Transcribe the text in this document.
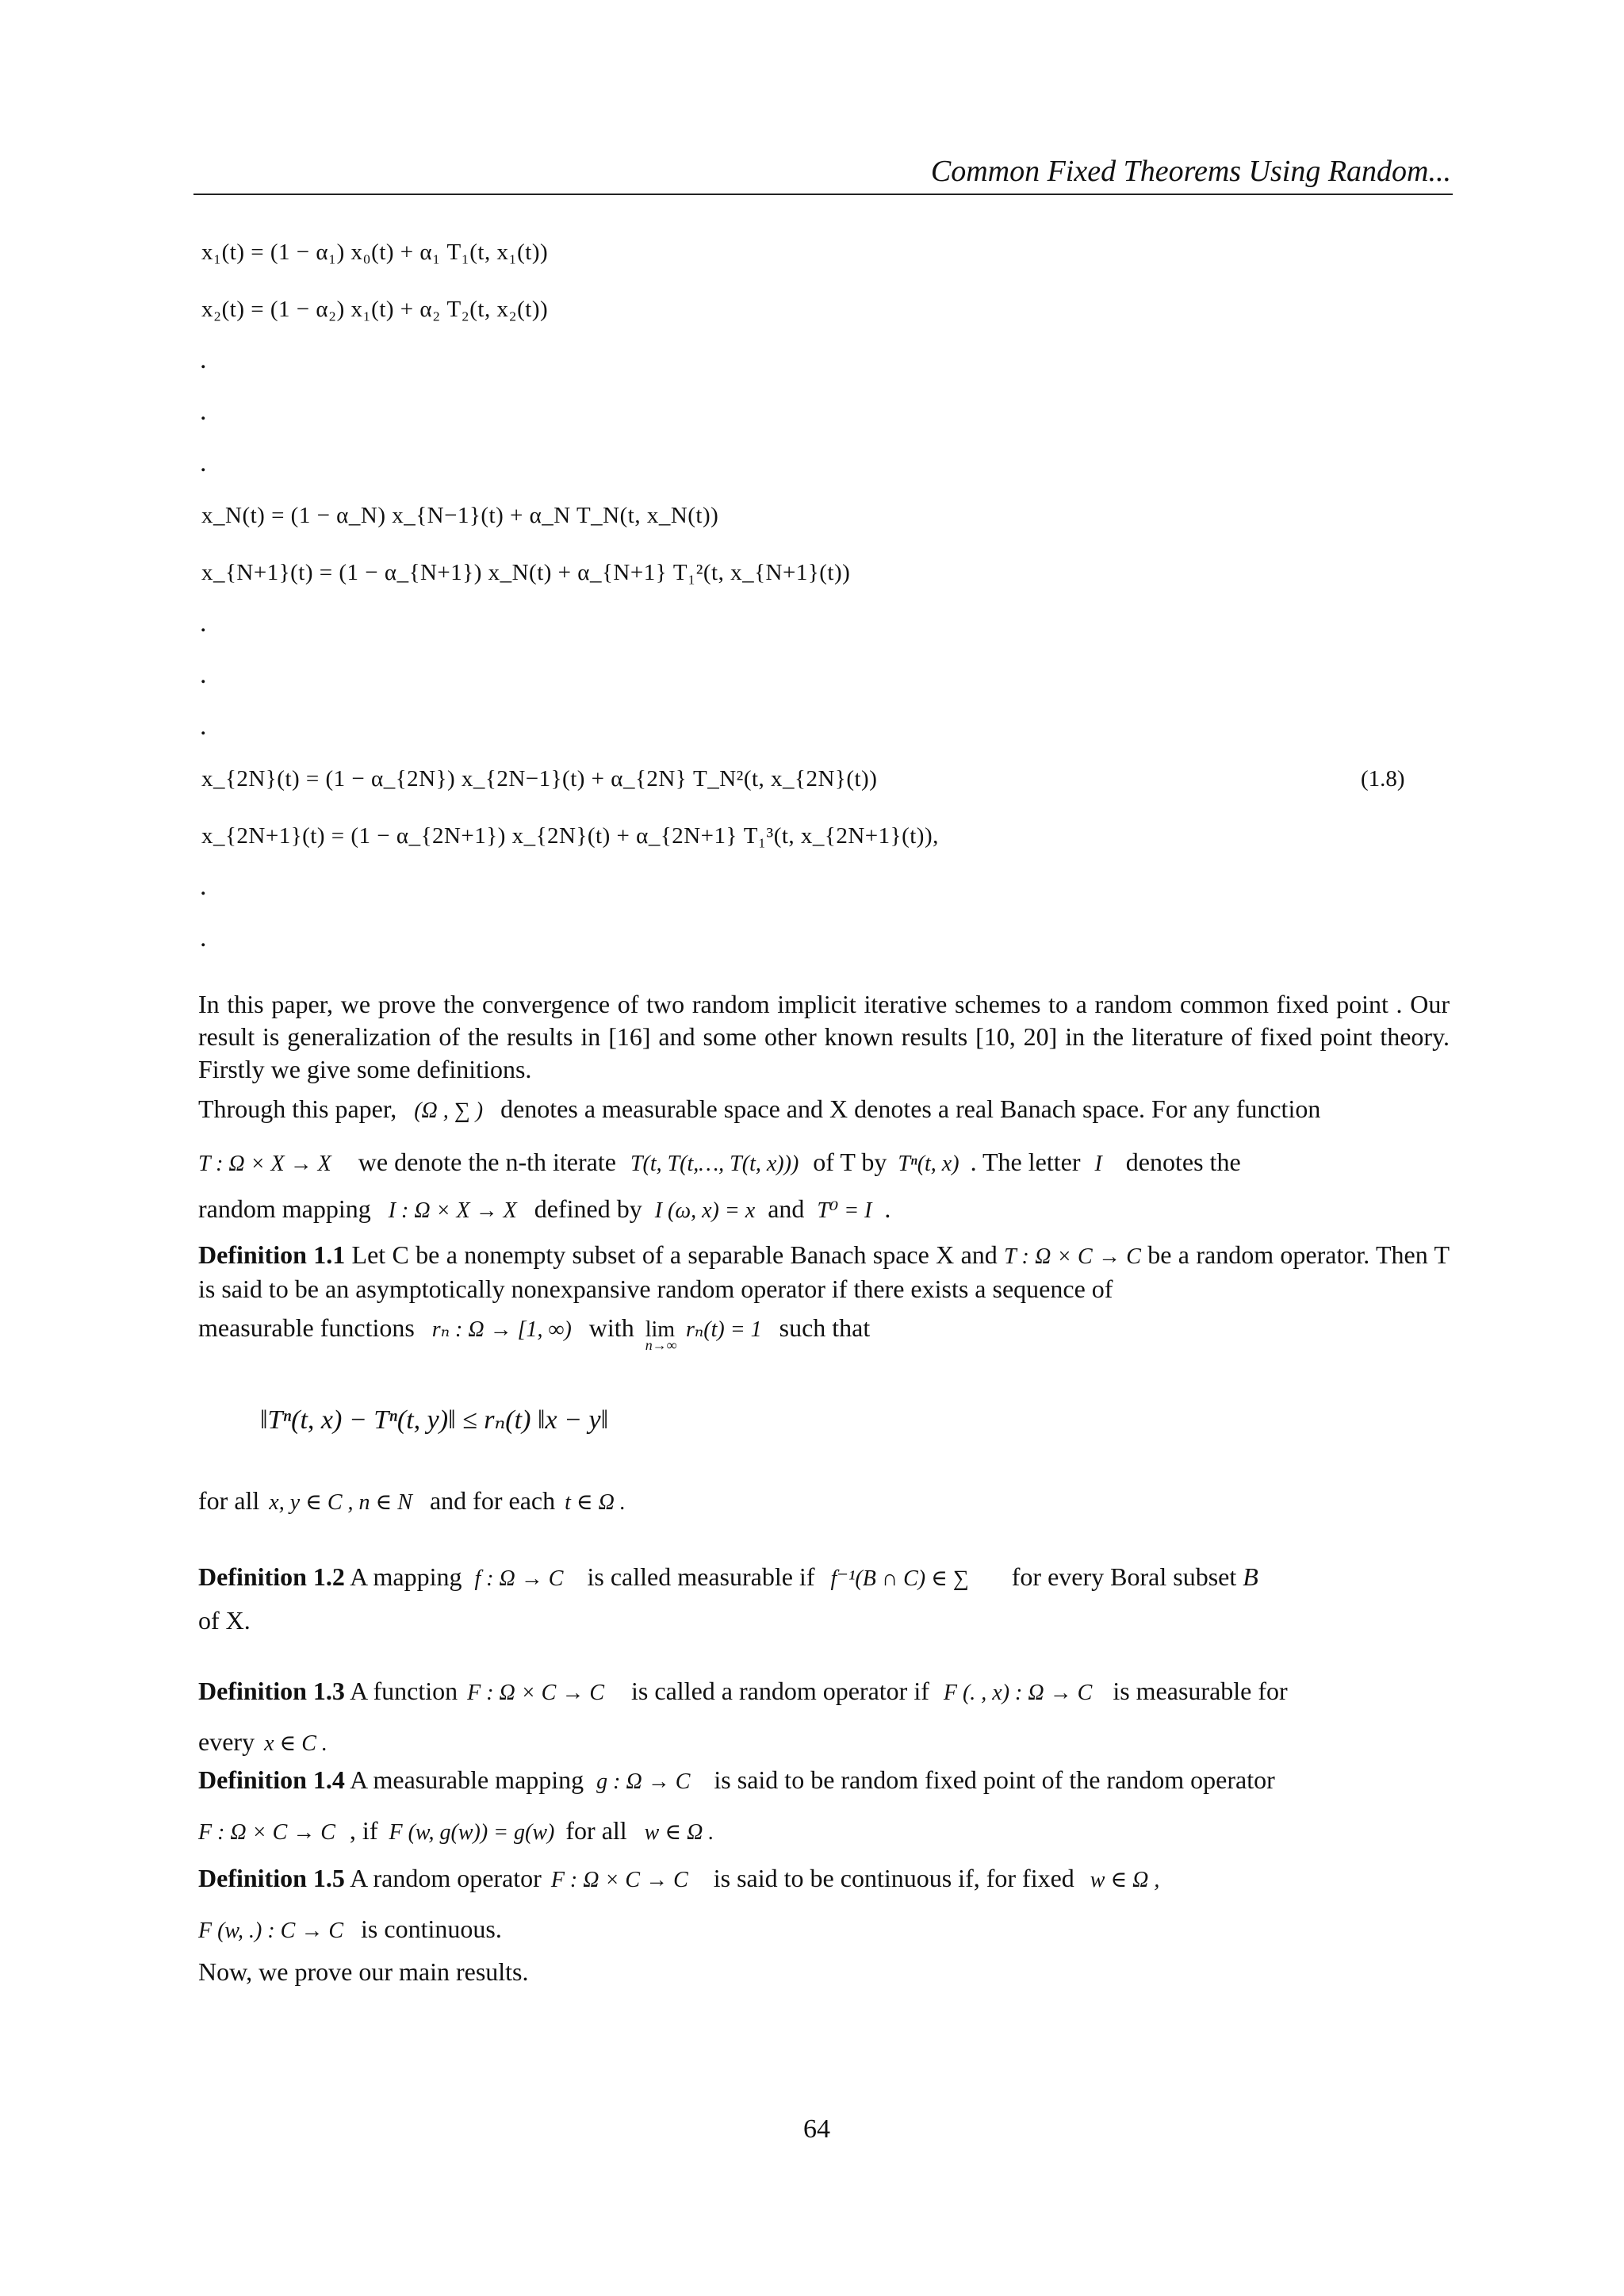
Common Fixed Theorems Using Random...
x₁(t) = (1 − α₁) x₀(t) + α₁ T₁(t, x₁(t))
x₂(t) = (1 − α₂) x₁(t) + α₂ T₂(t, x₂(t))
.
.
.
x_N(t) = (1 − α_N) x_{N−1}(t) + α_N T_N(t, x_N(t))
x_{N+1}(t) = (1 − α_{N+1}) x_N(t) + α_{N+1} T₁²(t, x_{N+1}(t))
.
.
.
x_{2N}(t) = (1 − α_{2N}) x_{2N−1}(t) + α_{2N} T_N²(t, x_{2N}(t))	(1.8)
x_{2N+1}(t) = (1 − α_{2N+1}) x_{2N}(t) + α_{2N+1} T₁³(t, x_{2N+1}(t)),
.
.
In this paper, we prove the convergence of two random implicit iterative schemes to a random common fixed point . Our result is generalization of the results in [16] and some other known results [10, 20] in the literature of fixed point theory. Firstly we give some definitions.
Through this paper, (Ω , ∑ ) denotes a measurable space and X denotes a real Banach space. For any function
T : Ω × X → X we denote the n-th iterate T(t, T(t,…, T(t, x))) of T by Tⁿ(t, x) . The letter I denotes the
random mapping I : Ω × X → X defined by I (ω, x) = x and T⁰ = I .
Definition 1.1 Let C be a nonempty subset of a separable Banach space X and T : Ω × C → C be a random operator. Then T is said to be an asymptotically nonexpansive random operator if there exists a sequence of
measurable functions rₙ : Ω → [1, ∞) with lim
n→∞
rₙ(t) = 1 such that
‖Tⁿ(t, x) − Tⁿ(t, y)‖ ≤ rₙ(t) ‖x − y‖
for all x, y ∈ C , n ∈ N and for each t ∈ Ω .
Definition 1.2 A mapping f : Ω → C is called measurable if f⁻¹(B ∩ C) ∈ ∑ for every Boral subset B
of X.
Definition 1.3 A function F : Ω × C → C is called a random operator if F (. , x) : Ω → C is measurable for
every x ∈ C .
Definition 1.4 A measurable mapping g : Ω → C is said to be random fixed point of the random operator
F : Ω × C → C , if F (w, g(w)) = g(w) for all w ∈ Ω .
Definition 1.5 A random operator F : Ω × C → C is said to be continuous if, for fixed w ∈ Ω ,
F (w, .) : C → C is continuous.
Now, we prove our main results.
64
